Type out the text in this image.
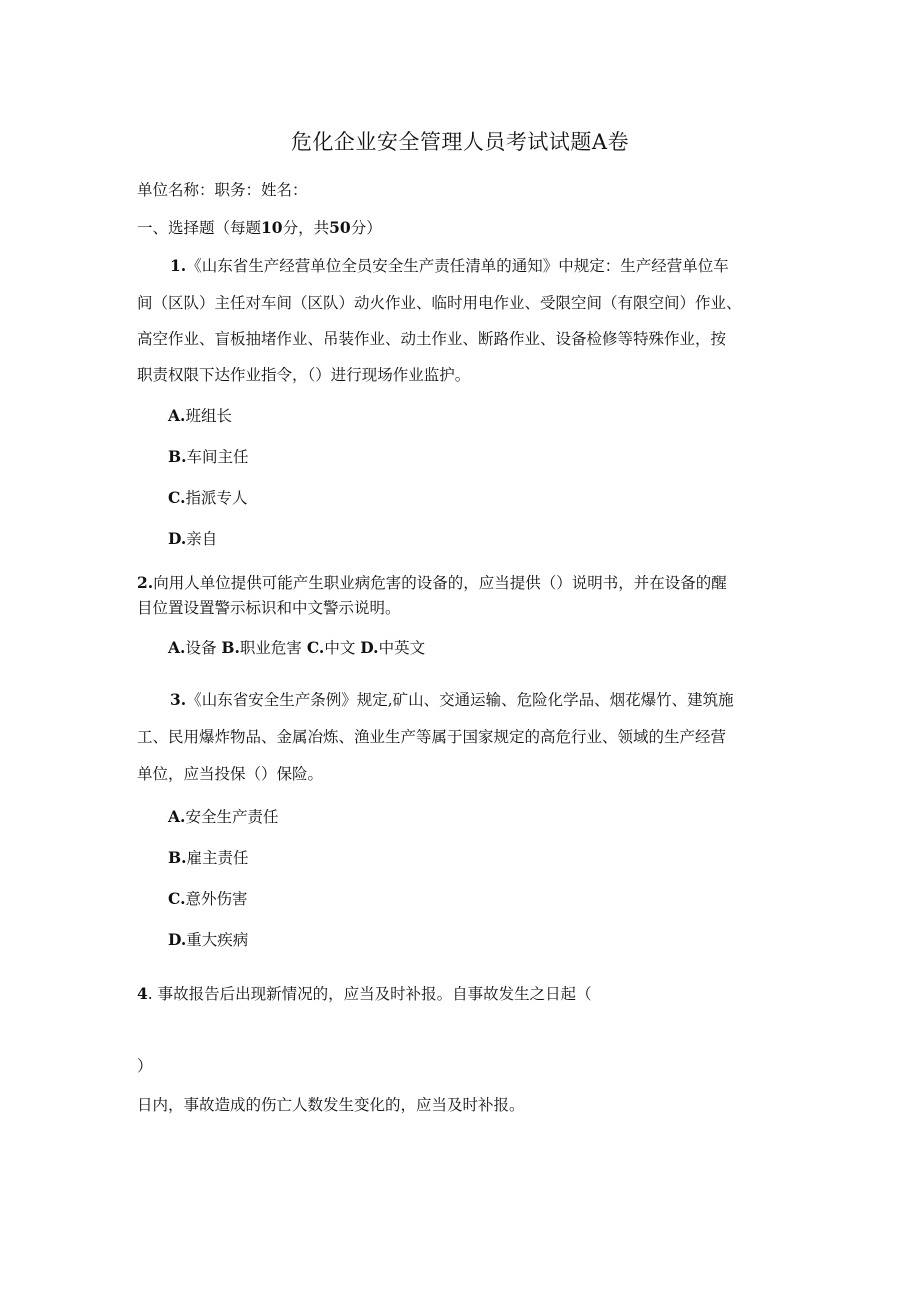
危化企业安全管理人员考试试题A卷
单位名称：职务：姓名：
一、选择题（每题10分，共50分）
1.《山东省生产经营单位全员安全生产责任清单的通知》中规定：生产经营单位车
间（区队）主任对车间（区队）动火作业、临时用电作业、受限空间（有限空间）作业、
高空作业、盲板抽堵作业、吊装作业、动土作业、断路作业、设备检修等特殊作业，按
职责权限下达作业指令，（）进行现场作业监护。
A.班组长
B.车间主任
C.指派专人
D.亲自
2.向用人单位提供可能产生职业病危害的设备的，应当提供（）说明书，并在设备的醒
目位置设置警示标识和中文警示说明。
A.设备 B.职业危害 C.中文 D.中英文
3.《山东省安全生产条例》规定,矿山、交通运输、危险化学品、烟花爆竹、建筑施
工、民用爆炸物品、金属冶炼、渔业生产等属于国家规定的高危行业、领域的生产经营
单位，应当投保（）保险。
A.安全生产责任
B.雇主责任
C.意外伤害
D.重大疾病
4. 事故报告后出现新情况的，应当及时补报。自事故发生之日起（
）
日内，事故造成的伤亡人数发生变化的，应当及时补报。
